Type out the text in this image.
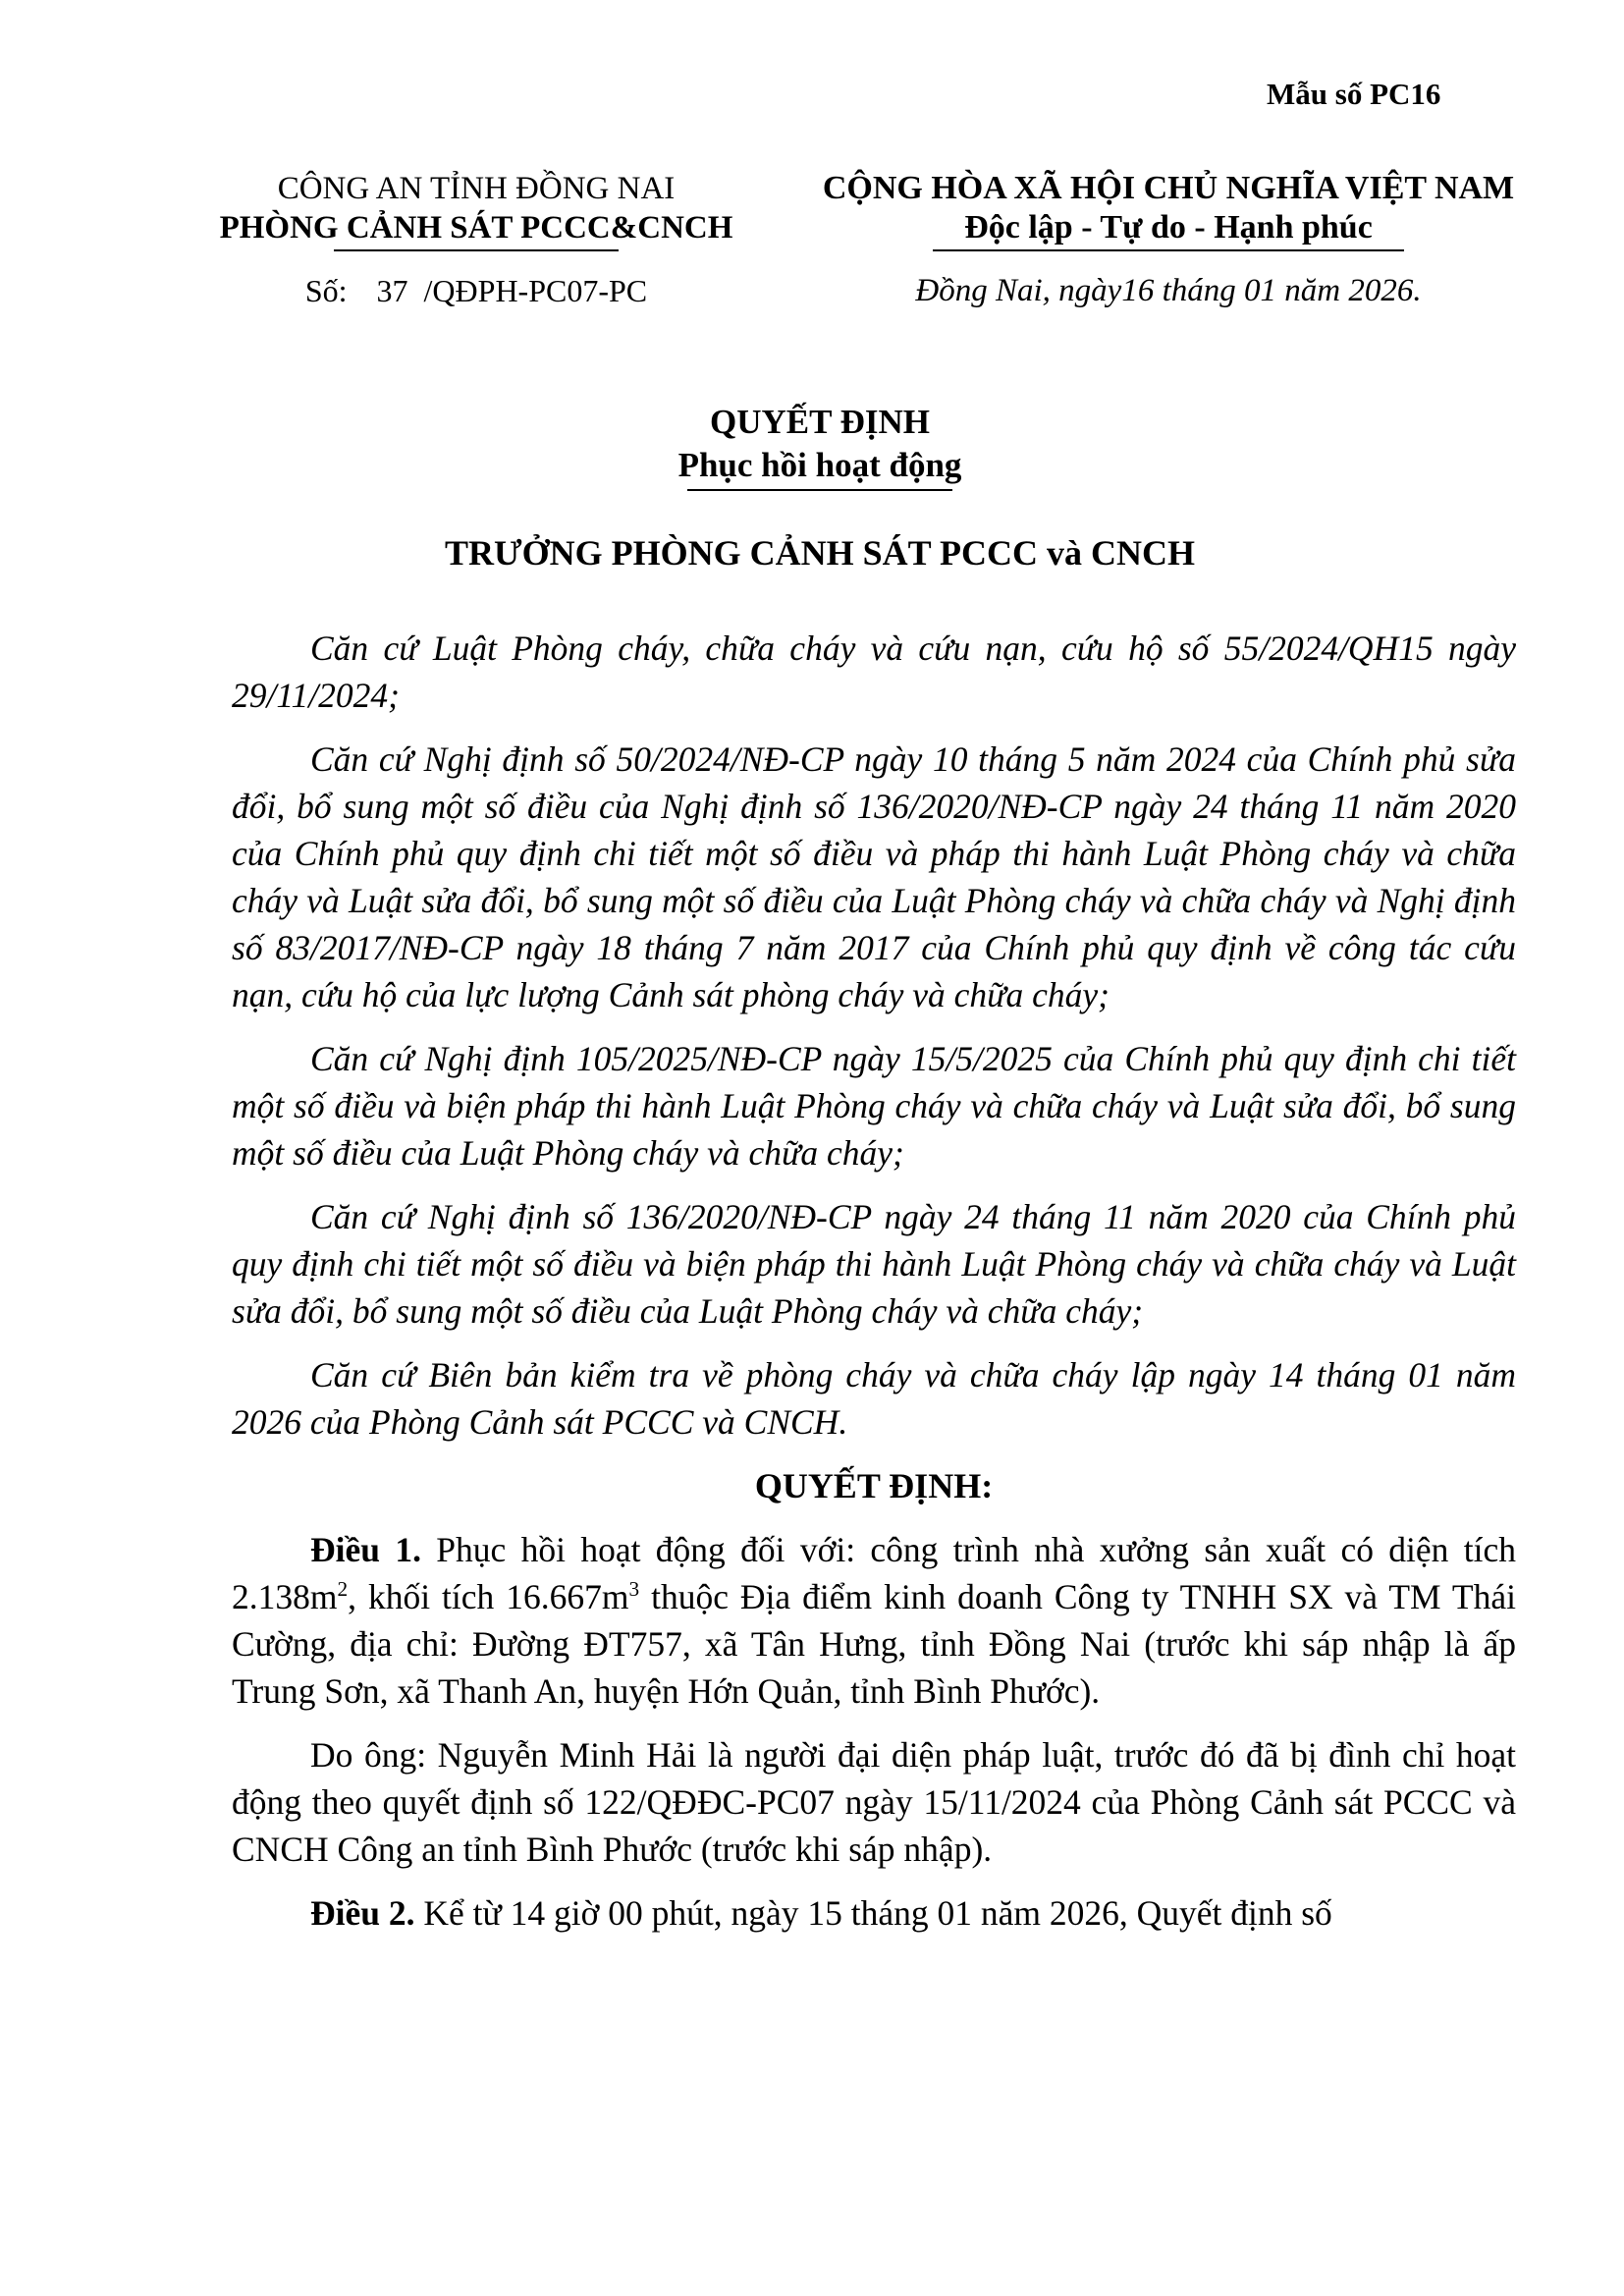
Mẫu số PC16
CÔNG AN TỈNH ĐỒNG NAI
PHÒNG CẢNH SÁT PCCC&CNCH
Số: 37 /QĐPH-PC07-PC
CỘNG HÒA XÃ HỘI CHỦ NGHĨA VIỆT NAM
Độc lập - Tự do - Hạnh phúc
Đồng Nai, ngày16 tháng 01 năm 2026.
QUYẾT ĐỊNH
Phục hồi hoạt động
TRƯỞNG PHÒNG CẢNH SÁT PCCC và CNCH

Căn cứ Luật Phòng cháy, chữa cháy và cứu nạn, cứu hộ số 55/2024/QH15 ngày 29/11/2024;

Căn cứ Nghị định số 50/2024/NĐ-CP ngày 10 tháng 5 năm 2024 của Chính phủ sửa đổi, bổ sung một số điều của Nghị định số 136/2020/NĐ-CP ngày 24 tháng 11 năm 2020 của Chính phủ quy định chi tiết một số điều và pháp thi hành Luật Phòng cháy và chữa cháy và Luật sửa đổi, bổ sung một số điều của Luật Phòng cháy và chữa cháy và Nghị định số 83/2017/NĐ-CP ngày 18 tháng 7 năm 2017 của Chính phủ quy định về công tác cứu nạn, cứu hộ của lực lượng Cảnh sát phòng cháy và chữa cháy;

Căn cứ Nghị định 105/2025/NĐ-CP ngày 15/5/2025 của Chính phủ quy định chi tiết một số điều và biện pháp thi hành Luật Phòng cháy và chữa cháy và Luật sửa đổi, bổ sung một số điều của Luật Phòng cháy và chữa cháy;

Căn cứ Nghị định số 136/2020/NĐ-CP ngày 24 tháng 11 năm 2020 của Chính phủ quy định chi tiết một số điều và biện pháp thi hành Luật Phòng cháy và chữa cháy và Luật sửa đổi, bổ sung một số điều của Luật Phòng cháy và chữa cháy;

Căn cứ Biên bản kiểm tra về phòng cháy và chữa cháy lập ngày 14 tháng 01 năm 2026 của Phòng Cảnh sát PCCC và CNCH.

QUYẾT ĐỊNH:

Điều 1. Phục hồi hoạt động đối với: công trình nhà xưởng sản xuất có diện tích $2.138m^2$, khối tích $16.667m^3$ thuộc Địa điểm kinh doanh Công ty TNHH SX và TM Thái Cường, địa chỉ: Đường ĐT757, xã Tân Hưng, tỉnh Đồng Nai (trước khi sáp nhập là ấp Trung Sơn, xã Thanh An, huyện Hớn Quản, tỉnh Bình Phước).

Do ông: Nguyễn Minh Hải là người đại diện pháp luật, trước đó đã bị đình chỉ hoạt động theo quyết định số 122/QĐĐC-PC07 ngày 15/11/2024 của Phòng Cảnh sát PCCC và CNCH Công an tỉnh Bình Phước (trước khi sáp nhập).

Điều 2. Kể từ 14 giờ 00 phút, ngày 15 tháng 01 năm 2026, Quyết định số
